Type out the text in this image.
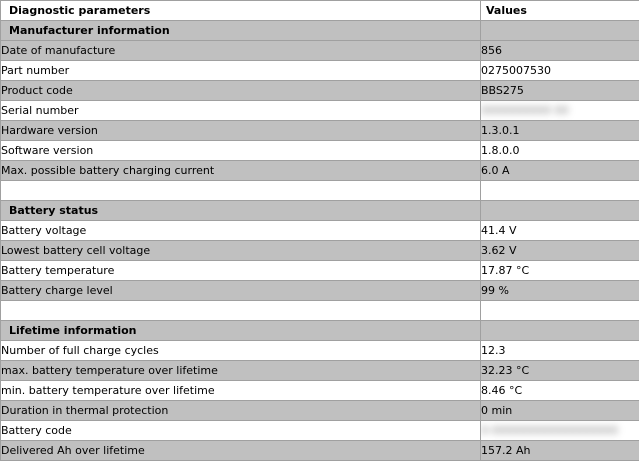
Diagnostic parameters	Values
Manufacturer information	
Date of manufacture	856
Part number	0275007530
Product code	BBS275
Serial number	0000000000 00
Hardware version	1.3.0.1
Software version	1.8.0.0
Max. possible battery charging current	6.0 A

Battery status	
Battery voltage	41.4 V
Lowest battery cell voltage	3.62 V
Battery temperature	17.87 °C
Battery charge level	99 %

Lifetime information	
Number of full charge cycles	12.3
max. battery temperature over lifetime	32.23 °C
min. battery temperature over lifetime	8.46 °C
Duration in thermal protection	0 min
Battery code	0-000000000000000000
Delivered Ah over lifetime	157.2 Ah
